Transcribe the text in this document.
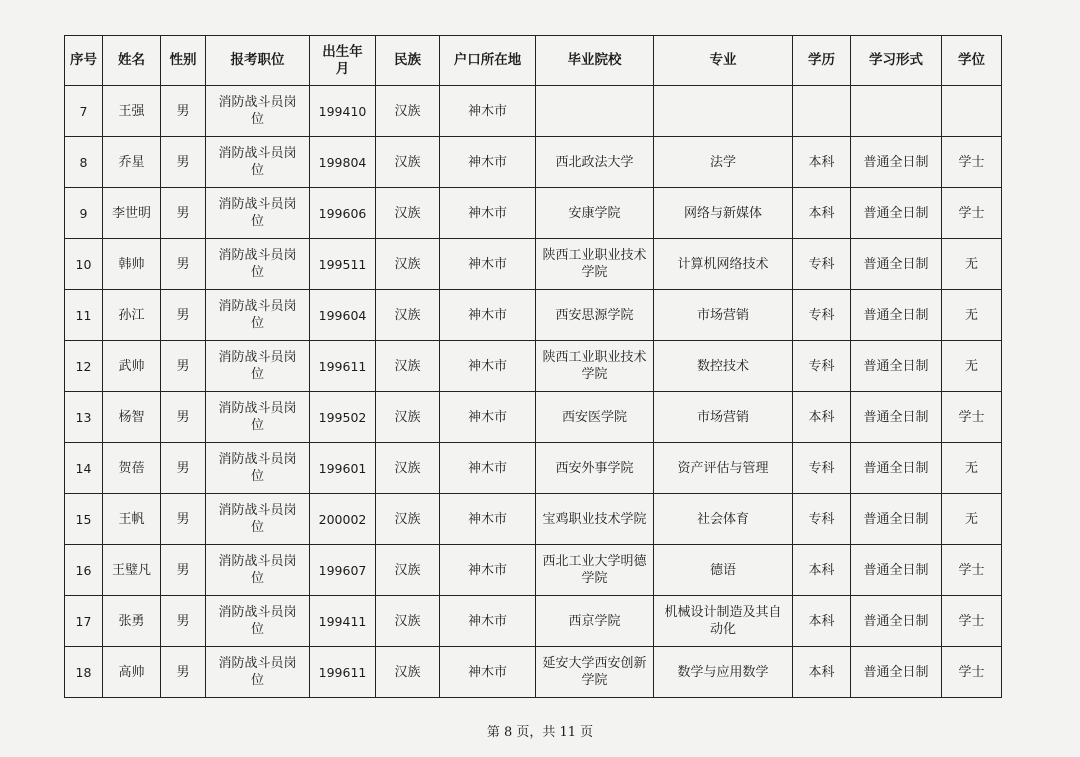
序号	姓名	性别	报考职位	出生年月	民族	户口所在地	毕业院校	专业	学历	学习形式	学位
7	王强	男	消防战斗员岗位	199410	汉族	神木市					
8	乔星	男	消防战斗员岗位	199804	汉族	神木市	西北政法大学	法学	本科	普通全日制	学士
9	李世明	男	消防战斗员岗位	199606	汉族	神木市	安康学院	网络与新媒体	本科	普通全日制	学士
10	韩帅	男	消防战斗员岗位	199511	汉族	神木市	陕西工业职业技术学院	计算机网络技术	专科	普通全日制	无
11	孙江	男	消防战斗员岗位	199604	汉族	神木市	西安思源学院	市场营销	专科	普通全日制	无
12	武帅	男	消防战斗员岗位	199611	汉族	神木市	陕西工业职业技术学院	数控技术	专科	普通全日制	无
13	杨智	男	消防战斗员岗位	199502	汉族	神木市	西安医学院	市场营销	本科	普通全日制	学士
14	贺蓓	男	消防战斗员岗位	199601	汉族	神木市	西安外事学院	资产评估与管理	专科	普通全日制	无
15	王帆	男	消防战斗员岗位	200002	汉族	神木市	宝鸡职业技术学院	社会体育	专科	普通全日制	无
16	王璧凡	男	消防战斗员岗位	199607	汉族	神木市	西北工业大学明德学院	德语	本科	普通全日制	学士
17	张勇	男	消防战斗员岗位	199411	汉族	神木市	西京学院	机械设计制造及其自动化	本科	普通全日制	学士
18	高帅	男	消防战斗员岗位	199611	汉族	神木市	延安大学西安创新学院	数学与应用数学	本科	普通全日制	学士
第 8 页，共 11 页
